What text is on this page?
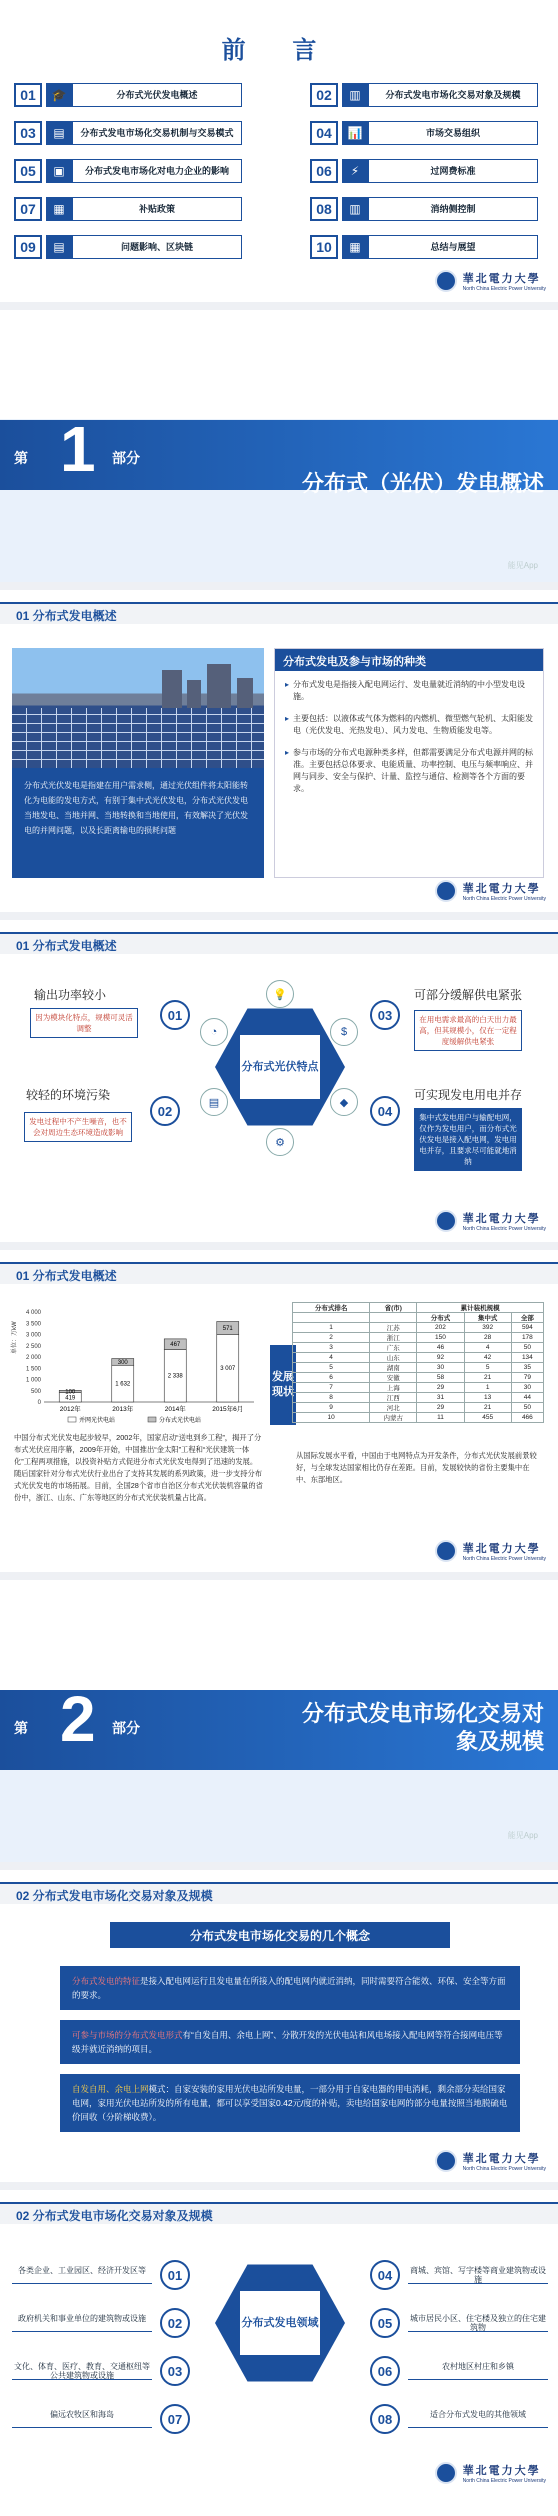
前 言
01	🎓	分布式光伏发电概述	02	▥	分布式发电市场化交易对象及规模
03	▤	分布式发电市场化交易机制与交易模式	04	📊	市场交易组织
05	▣	分布式发电市场化对电力企业的影响	06	⚡	过网费标准
07	▦	补贴政策	08	▥	消纳侧控制
09	▤	问题影响、区块链	10	▦	总结与展望
華北電力大學
North China Electric Power University
第 1 部分
分布式（光伏）发电概述
能见App
01 分布式发电概述
分布式光伏发电是指建在用户需求侧，通过光伏组件将太阳能转化为电能的发电方式，有别于集中式光伏发电，分布式光伏发电当地发电、当地并网、当地转换和当地使用，有效解决了光伏发电的并网问题，以及长距离输电的损耗问题
分布式发电及参与市场的种类
▸ 分布式发电是指接入配电网运行、发电量就近消纳的中小型发电设施。
▸ 主要包括：以液体或气体为燃料的内燃机、微型燃气轮机、太阳能发电（光伏发电、光热发电）、风力发电、生物质能发电等。
▸ 参与市场的分布式电源种类多样，但都需要满足分布式电源并网的标准。主要包括总体要求、电能质量、功率控制、电压与频率响应、并网与同步、安全与保护、计量、监控与通信、检测等各个方面的要求。
華北電力大學
North China Electric Power University
01 分布式发电概述
分布式光伏特点
💡
⚙
◔	$
▤	◆
输出功率较小
01
因为模块化特点，规模可灵活调整
较轻的环境污染
02
发电过程中不产生噪音，也不会对周边生态环境造成影响
03
可部分缓解供电紧张
在用电需求最高的白天出力最高，但其规模小，仅在一定程度缓解供电紧张
04
可实现发电用电并存
集中式发电用户与输配电网，仅作为发电用户，而分布式光伏发电是接入配电网，发电用电并存，且要求尽可能就地消纳
華北電力大學
North China Electric Power University
01 分布式发电概述
0
500
1 000
1 500
2 000
2 500
3 000
3 500
4 000
单位：万kW
419
100
2012年
1 632
300
2013年
2 338
467
2014年
3 007
571
2015年6月
并网光伏电站	分布式光伏电站
中国分布式光伏发电起步较早，2002年，国家启动“送电到乡工程”，揭开了分布式光伏应用序幕，2009年开始，中国推出“金太阳”工程和“光伏建筑一体化”工程两项措施，以投资补贴方式促进分布式光伏发电得到了迅速的发展。随后国家针对分布式光伏行业出台了支持其发展的系列政策，进一步支持分布式光伏发电的市场拓展。目前，全国28个省市自治区分布式光伏装机容量的省份中，浙江、山东、广东等地区的分布式光伏装机量占比高。
发展现状
分布式排名	省(市)	累计装机规模		
		分布式	集中式	全部
1	江苏	202	392	594
2	浙江	150	28	178
3	广东	46	4	50
4	山东	92	42	134
5	湖南	30	5	35
6	安徽	58	21	79
7	上海	29	1	30
8	江西	31	13	44
9	河北	29	21	50
10	内蒙古	11	455	466
从国际发展水平看，中国由于电网特点为开发条件，分布式光伏发展前景较好，与全球发达国家相比仍存在差距。目前，发展较快的省份主要集中在中、东部地区。
華北電力大學
North China Electric Power University
第 2 部分
分布式发电市场化交易对象及规模
能见App
02 分布式发电市场化交易对象及规模
分布式发电市场化交易的几个概念
分布式发电的特征是接入配电网运行且发电量在所接入的配电网内就近消纳，同时需要符合能效、环保、安全等方面的要求。
可参与市场的分布式发电形式有“自发自用、余电上网”、分散开发的光伏电站和风电场接入配电网等符合接网电压等级并就近消纳的项目。
自发自用、余电上网模式：自家安装的家用光伏电站所发电量，一部分用于自家电器的用电消耗，剩余部分卖给国家电网，家用光伏电站所发的所有电量，都可以享受国家0.42元/度的补贴，卖电给国家电网的部分电量按照当地脱硫电价回收（分阶梯收费）。
華北電力大學
North China Electric Power University
02 分布式发电市场化交易对象及规模
分布式发电领域
01
各类企业、工业园区、经济开发区等
02
政府机关和事业单位的建筑物或设施
03
文化、体育、医疗、教育、交通枢纽等公共建筑物或设施
07
偏远农牧区和海岛
04	商城、宾馆、写字楼等商业建筑物或设施
05	城市居民小区、住宅楼及独立的住宅建筑物
06	农村地区村庄和乡镇
08	适合分布式发电的其他领域
華北電力大學
North China Electric Power University
